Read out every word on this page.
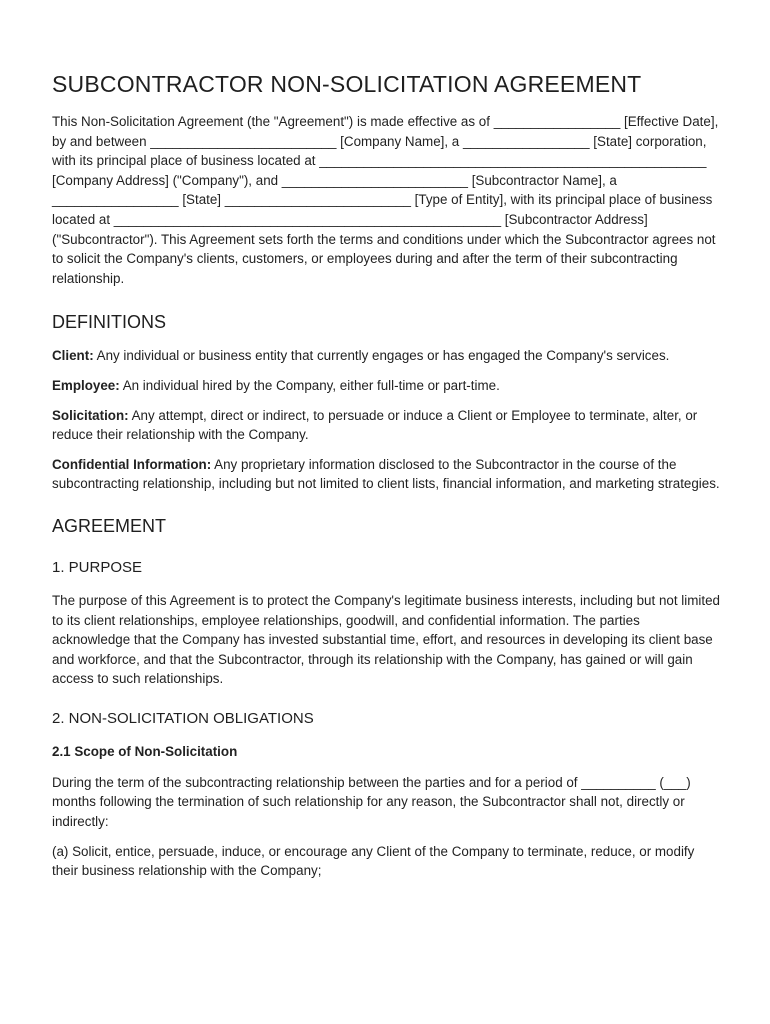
SUBCONTRACTOR NON-SOLICITATION AGREEMENT

This Non-Solicitation Agreement (the "Agreement") is made effective as of _________________ [Effective Date], by and between _________________________ [Company Name], a _________________ [State] corporation, with its principal place of business located at ____________________________________________________ [Company Address] ("Company"), and _________________________ [Subcontractor Name], a _________________ [State] _________________________ [Type of Entity], with its principal place of business located at ____________________________________________________ [Subcontractor Address] ("Subcontractor"). This Agreement sets forth the terms and conditions under which the Subcontractor agrees not to solicit the Company's clients, customers, or employees during and after the term of their subcontracting relationship.

DEFINITIONS

Client: Any individual or business entity that currently engages or has engaged the Company's services.

Employee: An individual hired by the Company, either full-time or part-time.

Solicitation: Any attempt, direct or indirect, to persuade or induce a Client or Employee to terminate, alter, or reduce their relationship with the Company.

Confidential Information: Any proprietary information disclosed to the Subcontractor in the course of the subcontracting relationship, including but not limited to client lists, financial information, and marketing strategies.

AGREEMENT
1. PURPOSE

The purpose of this Agreement is to protect the Company's legitimate business interests, including but not limited to its client relationships, employee relationships, goodwill, and confidential information. The parties acknowledge that the Company has invested substantial time, effort, and resources in developing its client base and workforce, and that the Subcontractor, through its relationship with the Company, has gained or will gain access to such relationships.

2. NON-SOLICITATION OBLIGATIONS
2.1 Scope of Non-Solicitation

During the term of the subcontracting relationship between the parties and for a period of __________ (___) months following the termination of such relationship for any reason, the Subcontractor shall not, directly or indirectly:

(a) Solicit, entice, persuade, induce, or encourage any Client of the Company to terminate, reduce, or modify their business relationship with the Company;
